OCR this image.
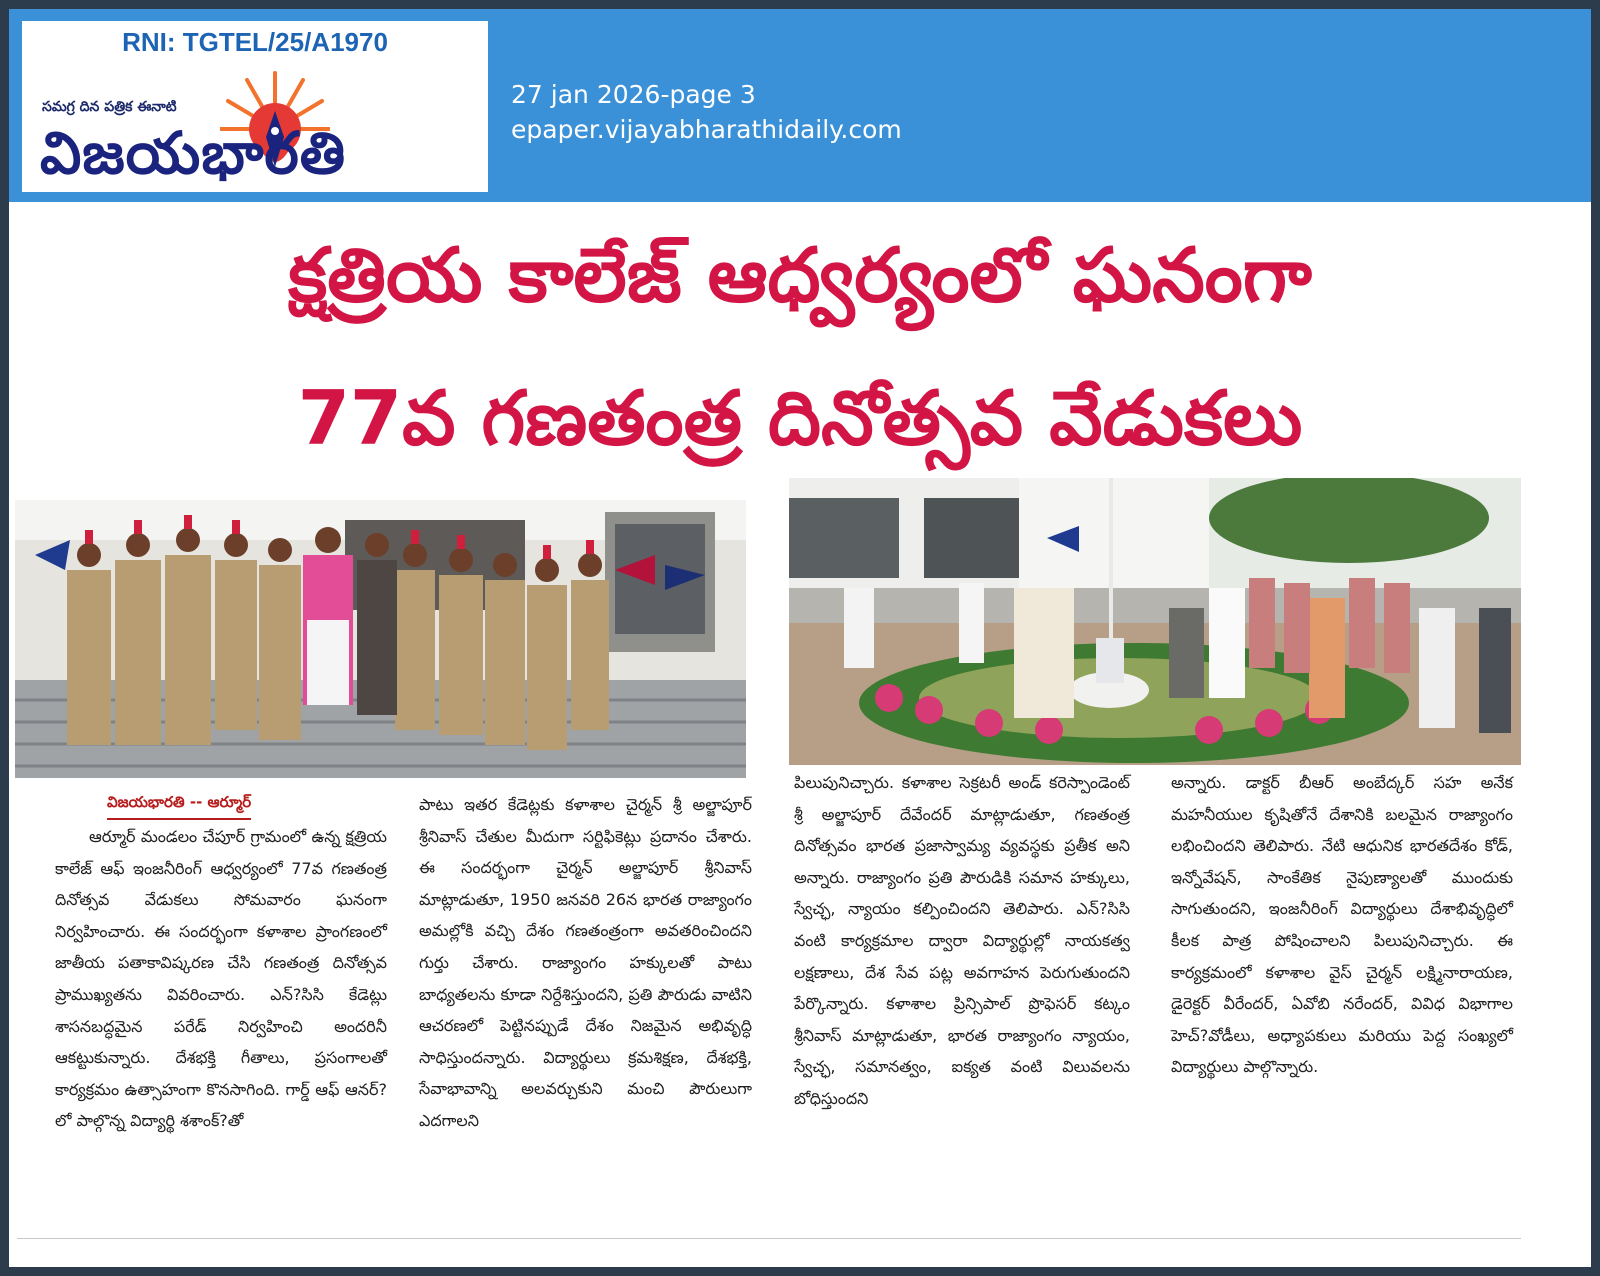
RNI: TGTEL/25/A1970
సమగ్ర దిన పత్రిక ఈనాటి
విజయభారతి
27 jan 2026-page 3
epaper.vijayabharathidaily.com
క్షత్రియ కాలేజ్ ఆధ్వర్యంలో ఘనంగా
77వ గణతంత్ర దినోత్సవ వేడుకలు
విజయభారతి -- ఆర్మూర్
ఆర్మూర్ మండలం చేపూర్ గ్రామంలో ఉన్న క్షత్రియ కాలేజ్ ఆఫ్ ఇంజనీరింగ్ ఆధ్వర్యంలో 77వ గణతంత్ర దినోత్సవ వేడుకలు సోమవారం ఘనంగా నిర్వహించారు. ఈ సందర్భంగా కళాశాల ప్రాంగణంలో జాతీయ పతాకావిష్కరణ చేసి గణతంత్ర దినోత్సవ ప్రాముఖ్యతను వివరించారు. ఎన్?సిసి కేడెట్లు శాసనబద్ధమైన పరేడ్ నిర్వహించి అందరినీ ఆకట్టుకున్నారు. దేశభక్తి గీతాలు, ప్రసంగాలతో కార్యక్రమం ఉత్సాహంగా కొనసాగింది. గార్డ్ ఆఫ్ ఆనర్?లో పాల్గొన్న విద్యార్థి శశాంక్?తో
పాటు ఇతర కేడెట్లకు కళాశాల చైర్మన్ శ్రీ అల్జాపూర్ శ్రీనివాస్ చేతుల మీదుగా సర్టిఫికెట్లు ప్రదానం చేశారు. ఈ సందర్భంగా చైర్మన్ అల్జాపూర్ శ్రీనివాస్ మాట్లాడుతూ, 1950 జనవరి 26న భారత రాజ్యాంగం అమల్లోకి వచ్చి దేశం గణతంత్రంగా అవతరించిందని గుర్తు చేశారు. రాజ్యాంగం హక్కులతో పాటు బాధ్యతలను కూడా నిర్దేశిస్తుందని, ప్రతి పౌరుడు వాటిని ఆచరణలో పెట్టినప్పుడే దేశం నిజమైన అభివృద్ధి సాధిస్తుందన్నారు. విద్యార్థులు క్రమశిక్షణ, దేశభక్తి, సేవాభావాన్ని అలవర్చుకుని మంచి పౌరులుగా ఎదగాలని
పిలుపునిచ్చారు. కళాశాల సెక్రటరీ అండ్ కరెస్పాండెంట్ శ్రీ అల్జాపూర్ దేవేందర్ మాట్లాడుతూ, గణతంత్ర దినోత్సవం భారత ప్రజాస్వామ్య వ్యవస్థకు ప్రతీక అని అన్నారు. రాజ్యాంగం ప్రతి పౌరుడికి సమాన హక్కులు, స్వేచ్ఛ, న్యాయం కల్పించిందని తెలిపారు. ఎన్?సిసి వంటి కార్యక్రమాల ద్వారా విద్యార్థుల్లో నాయకత్వ లక్షణాలు, దేశ సేవ పట్ల అవగాహన పెరుగుతుందని పేర్కొన్నారు. కళాశాల ప్రిన్సిపాల్ ప్రొఫెసర్ కట్కం శ్రీనివాస్ మాట్లాడుతూ, భారత రాజ్యాంగం న్యాయం, స్వేచ్ఛ, సమానత్వం, ఐక్యత వంటి విలువలను బోధిస్తుందని
అన్నారు. డాక్టర్ బీఆర్ అంబేద్కర్ సహ అనేక మహనీయుల కృషితోనే దేశానికి బలమైన రాజ్యాంగం లభించిందని తెలిపారు. నేటి ఆధునిక భారతదేశం కోడ్, ఇన్నోవేషన్, సాంకేతిక నైపుణ్యాలతో ముందుకు సాగుతుందని, ఇంజనీరింగ్ విద్యార్థులు దేశాభివృద్ధిలో కీలక పాత్ర పోషించాలని పిలుపునిచ్చారు. ఈ కార్యక్రమంలో కళాశాల వైస్ చైర్మన్ లక్ష్మినారాయణ, డైరెక్టర్ వీరేందర్, ఏవోబి నరేందర్, వివిధ విభాగాల హెచ్?వోడీలు, అధ్యాపకులు మరియు పెద్ద సంఖ్యలో విద్యార్థులు పాల్గొన్నారు.
